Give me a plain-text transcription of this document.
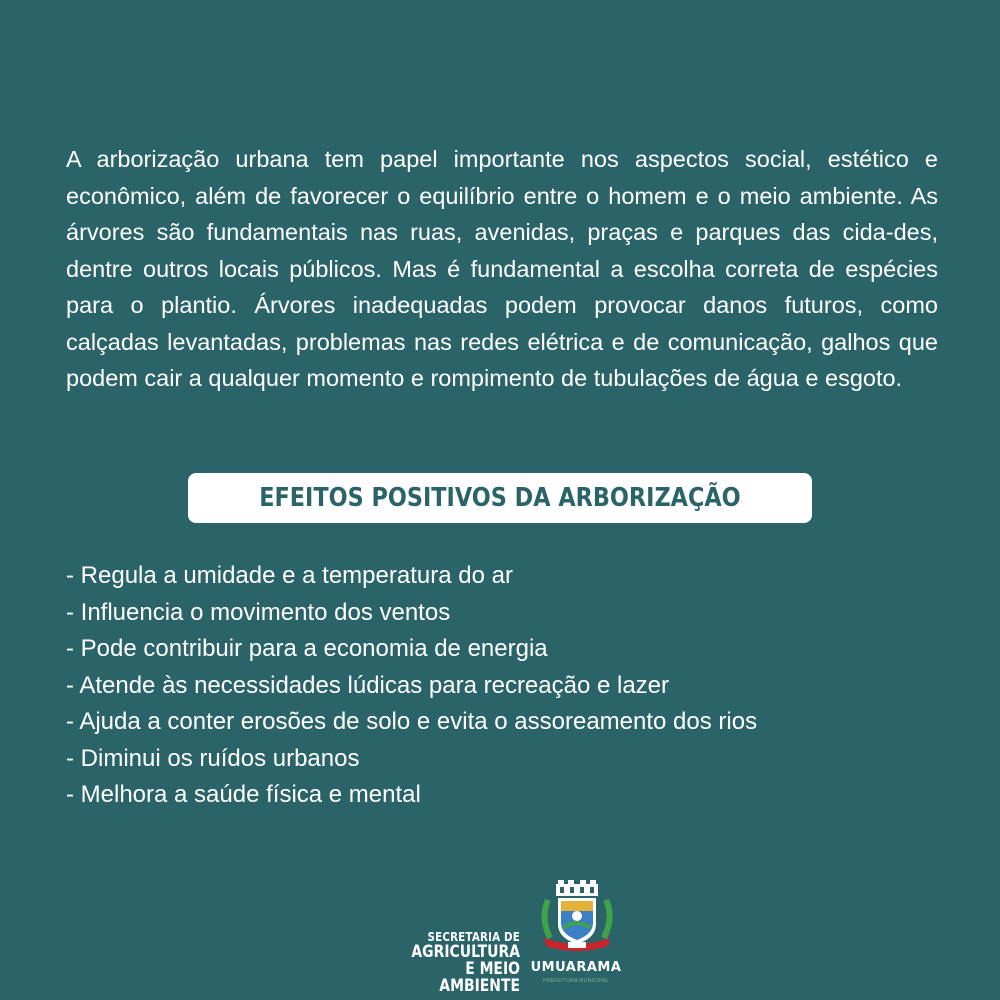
A arborização urbana tem papel importante nos aspectos social, estético e econômico, além de favorecer o equilíbrio entre o homem e o meio ambiente. As árvores são fundamentais nas ruas, avenidas, praças e parques das cida-des, dentre outros locais públicos. Mas é fundamental a escolha correta de espécies para o plantio. Árvores inadequadas podem provocar danos futuros, como calçadas levantadas, problemas nas redes elétrica e de comunicação, galhos que podem cair a qualquer momento e rompimento de tubulações de água e esgoto.

EFEITOS POSITIVOS DA ARBORIZAÇÃO
- Regula a umidade e a temperatura do ar
- Influencia o movimento dos ventos
- Pode contribuir para a economia de energia
- Atende às necessidades lúdicas para recreação e lazer
- Ajuda a conter erosões de solo e evita o assoreamento dos rios
- Diminui os ruídos urbanos
- Melhora a saúde física e mental
SECRETARIA DE
AGRICULTURA
E MEIO AMBIENTE
UMUARAMA
PREFEITURA MUNICIPAL
